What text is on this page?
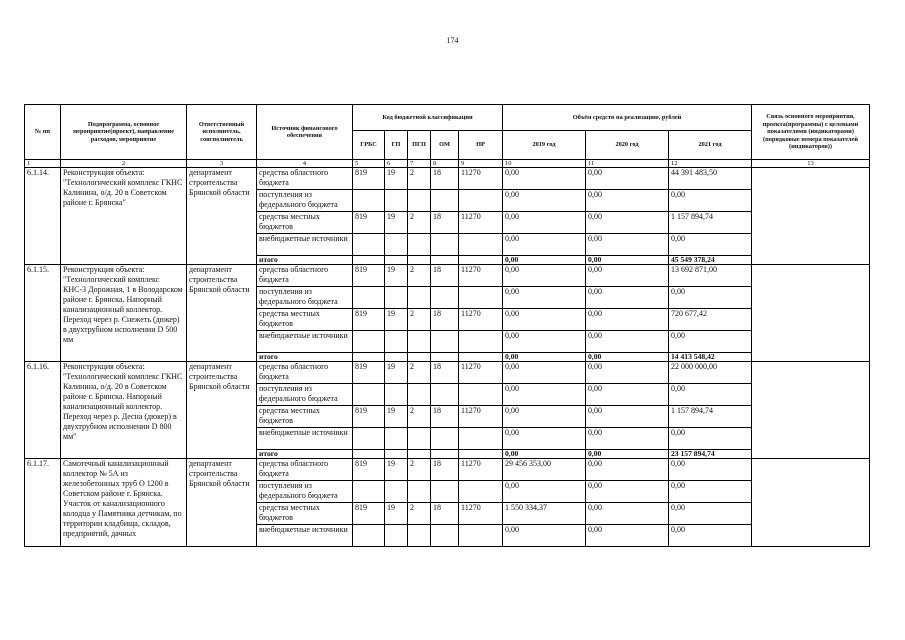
174
№ пп	Подпрограмма, основное мероприятие(проект), направление расходов, мероприятие	Ответственный исполнитель, соисполнитель	Источник финансового обеспечения	Код бюджетной классификации					Объём средств на реализацию, рублей			Связь основного мероприятия, проекта(программы) с целевыми показателями (индикаторами) (порядковые номера показателей (индикаторов))
				ГРБС	ГП	ПГП	ОМ	НР	2019 год	2020 год	2021 год	
1	2	3	4	5	6	7	8	9	10	11	12	13
6.1.14.	Реконструкция объекта: "Технологический комплекс ГКНС Калинина, о/д. 20 в Советском районе г. Брянска"	департамент строительства Брянской области	средства областного бюджета	819	19	2	18	11270	0,00	0,00	44 391 483,50	
			поступления из федерального бюджета						0,00	0,00	0,00	
			средства местных бюджетов	819	19	2	18	11270	0,00	0,00	1 157 894,74	
			внебюджетные источники						0,00	0,00	0,00	
			итого						0,00	0,00	45 549 378,24	
6.1.15.	Реконструкция объекта: "Технологический комплекс КНС-3 Дорожная, 1 в Володарском районе г. Брянска. Напорный канализационный коллектор. Переход через р. Снежеть (дюкер) в двухтрубном исполнении D 500 мм	департамент строительства Брянской области	средства областного бюджета	819	19	2	18	11270	0,00	0,00	13 692 871,00	
			поступления из федерального бюджета						0,00	0,00	0,00	
			средства местных бюджетов	819	19	2	18	11270	0,00	0,00	720 677,42	
			внебюджетные источники						0,00	0,00	0,00	
			итого						0,00	0,00	14 413 548,42	
6.1.16.	Реконструкция объекта: "Технологический комплекс ГКНС Калинина, о/д. 20 в Советском районе г. Брянска. Напорный канализационный коллектор. Переход через р. Десна (дюкер) в двухтрубном исполнении D 800 мм"	департамент строительства Брянской области	средства областного бюджета	819	19	2	18	11270	0,00	0,00	22 000 000,00	
			поступления из федерального бюджета						0,00	0,00	0,00	
			средства местных бюджетов	819	19	2	18	11270	0,00	0,00	1 157 894,74	
			внебюджетные источники						0,00	0,00	0,00	
			итого						0,00	0,00	23 157 894,74	
6.1.17.	Самотечный канализационный коллектор № 5А из железобетонных труб О 1200 в Советском районе г. Брянска. Участок от канализационного колодца у Памятника детчикам, по территории кладбища, складов, предприятий, дачных	департамент строительства Брянской области	средства областного бюджета	819	19	2	18	11270	29 456 353,00	0,00	0,00	
			поступления из федерального бюджета						0,00	0,00	0,00	
			средства местных бюджетов	819	19	2	18	11270	1 550 334,37	0,00	0,00	
			внебюджетные источники						0,00	0,00	0,00	
